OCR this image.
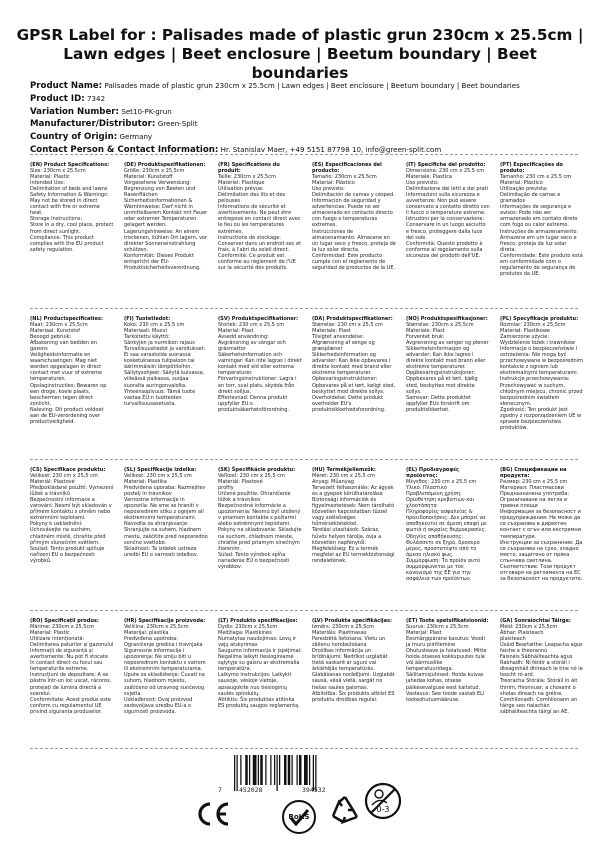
GPSR Label for : Palisades made of plastic grun 230cm x 25.5cm | Lawn edges | Beet enclosure | Beetum boundary | Beet boundaries
Product Name: Palisades made of plastic grun 230cm x 25.5cm | Lawn edges | Beet enclosure | Beetum boundary | Beet boundaries
Product ID: 7342
Variation Number: Set10-PK-grun
Manufacturer/Distributor: Green-Split
Country of Origin: Germany
Contact Person & Contact Information: Hr. Stanislav Maer, +49 5151 87798 10, info@green-split.com
(EN) Product Specifications:
Size: 230cm x 25.5cm
Material: Plastic
Intended Use:
Delimitation of beds and lawns
Safety Information & Warnings: May not be stored in direct contact with fire or extreme heat.
Storage Instructions:
Store in a dry, cool place, protect from direct sunlight.
Compliance: This product complies with the EU product safety regulation.
(DE) Produktspezifikationen:
Größe: 230cm x 25,5cm
Material: Kunststoff
Vorgesehene Verwendung: Begrenzung von Beeten und Rasenflächen
Sicherheitsinformationen & Warnhinweise: Darf nicht in unmittelbarem Kontakt mit Feuer oder extremer Temperaturen gelagert werden.
Lagerungshinweise: An einem trockenen, kühlen Ort lagern, vor direkter Sonneneinstrahlung schützen.
Konformität: Dieses Produkt entspricht der EU-Produktsicherheitsverordnung.
(FR) Spécifications du produit:
Taille: 230cm x 25,5cm
Matériel: Plastique
Utilisation prévue:
Délimitation des lits et des pelouses
Informations de sécurité et avertissements: Ne peut être entreposé en contact direct avec le feu ou les températures extrêmes.
Instructions de stockage: Conserver dans un endroit sec et frais, à l'abri du soleil direct.
Conformité: Ce produit est conforme au règlement de l'UE sur la sécurité des produits.
(ES) Especificaciones del producto:
Tamaño: 230cm x 25,5cm
Material: Plástico
Uso previsto:
Delimitación de camas y césped.
Información de seguridad y advertencias: Puede no ser almacenado en contacto directo con fuego o temperaturas extremas.
Instrucciones de almacenamiento: Almacene en un lugar seco y fresco, proteja de la luz solar directa.
Conformidad: Este producto cumple con el reglamento de seguridad de productos de la UE.
(IT) Specifiche del prodotto:
Dimensione: 230 cm x 25,5 cm
Materiale: Plastica
Uso previsto:
Delimitazione dei letti e dei prati
Informazioni sulla sicurezza e avvertenze: Non può essere conservato a contatto diretto con il fuoco o temperature estreme.
Istruzioni per la conservazione: Conservare in un luogo asciutto e fresco, proteggere dalla luce del sole.
Conformità: Questo prodotto è conforme al regolamento sulla sicurezza dei prodotti dell'UE.
(PT) Especificações do produto:
Tamanho: 230 cm x 25,5 cm
Material: Plástico
Utilização prevista:
Delimitação de camas e gramados
Informações de segurança e avisos: Pode não ser armazenado em contato direto com fogo ou calor extremo.
Instruções de armazenamento: Armazene em um lugar seco e fresco, proteja da luz solar direta.
Conformidade: Este produto está em conformidade com o regulamento de segurança de produtos da UE.
(NL) Productspecificaties:
Maat: 230cm x 25,5cm
Materiaal: Kunststof
Beoogd gebruik:
Afbakening van bedden en gazons
Veiligheidsinformatie en waarschuwingen: Mag niet worden opgeslagen in direct contact met vuur of extreme temperaturen.
Opslaginstructies: Bewaren op een droge, koele plaats, beschermen tegen direct zonlicht.
Naleving: Dit product voldoet aan de EU-verordening over productveiligheid.
(FI) Tuotetiedot:
Koko: 230 cm x 25,5 cm
Materiaali: Muovi
Tarkoitettu käyttö:
Sänkyjen ja nurmikon rajaus
Turvallisuustiedot ja varoitukset: Ei saa varastoida suorassa kosketuksessa tulipaloon tai äärimmäisiin lämpötiloihin.
Säilytysohjeet: Säilytä kuivassa, viileässä paikassa, suojaa suoralta auringonvalolta.
Yhteensopivuus: Tämä tuote vastaa EU:n tuotteiden turvallisuusasetusta.
(SV) Produktspecifikationer:
Storlek: 230 cm x 25,5 cm
Material: Plast
Avsedd användning:
Avgränsning av sängar och gräsmattor
Säkerhetsinformation och varningar: Kan inte lagras i direkt kontakt med eld eller extrema temperaturer.
Förvaringsinstruktioner: Lagra i en torr, sval plats, skydda från direkt solljus.
Efterlevnad: Denna produkt uppfyller EU:s produktsäkerhetsförordning.
(DA) Produktspecifikationer:
Størrelse: 230 cm x 25,5 cm
Materiale: Plast
Tilsigtet anvendelse: Afgrænsning af senge og græsplæner
Sikkerhedsinformation og advarsler: Kan ikke opbevares i direkte kontakt med brand eller ekstreme temperaturer.
Opbevaringsinstruktioner: Opbevares på et tørt, køligt sted, beskyttet mod direkte sollys.
Overholdelse: Dette produkt overholder EU's produktsikkerhedsforordning.
(NO) Produktspesifikasjoner:
Størrelse: 230cm x 25,5cm
Materiale: Plast
Forventet bruk:
Avgrensning av senger og plener
Sikkerhetsinformasjon og advarsler: Kan ikke lagres i direkte kontakt med brann eller ekstreme temperaturer.
Oppbevaringsinstruksjoner: Oppbevares på et tørt, kjølig sted, beskyttes mot direkte sollys.
Samsvar: Dette produktet oppfyller EUs forskrift om produktsikkerhet.
(PL) Specyfikacje produktu:
Rozmiar: 230cm x 25,5cm
Materiał: Plastikowe
Zamierzone użycie:
Wydzielenie łóżek i trawników
Informacje o bezpieczeństwie i ostrzeżenia: Nie mogą być przechowywane w bezpośrednim kontakcie z ogniem lub ekstremalnymi temperaturami.
Instrukcje przechowywania: Przechowywać w suchym, chłodnym miejscu, chronić przed bezpośrednim światłem słonecznym.
Zgodność: Ten produkt jest zgodny z rozporządzeniem UE w sprawie bezpieczeństwa produktów.
(CS) Specifikace produktu:
Velikost: 230 cm x 25,5 cm
Materiál: Plastové
Předpokládané použití: Vymezení lůžek a trávníků
Bezpečnostní informace a varování: Nesmí být skladován v přímém kontaktu s ohněm nebo extrémními teplotami.
Pokyny k uskladnění: Uchovávejte na suchém, chladném místě, chraňte před přímým slunečním světlem.
Soulad: Tento produkt splňuje nařízení EU o bezpečnosti výrobků.
(SL) Specifikacije izdelka:
Velikost: 230 cm x 25,5 cm
Material: Plastika
Predvidena uporaba: Razmejitev postelj in travnikov
Varnostne informacije in opozorila: Ne sme se hraniti v neposrednem stiku z ognjem ali ekstremnimi temperaturami.
Navodila za shranjevanje: Shranjujte na suhem, hladnem mestu, zaščitite pred neposredno sončno svetlobo.
Skladnost: Ta izdelek ustreza uredbi EU o varnosti izdelkov.
(SK) Špecifikácie produktu:
Veľkosť: 230 cm x 25,5 cm
Materiál: Plastové
profily
Určené použitie: Ohraničenie lôžok a trávnikov
Bezpečnostné informácie a upozornenia: Nesmú byť uložený v priamom kontakte s požiarmi alebo extrémnymi teplotami.
Pokyny na skladovanie: Skladujte na suchom, chladnom mieste, chráňte pred priamym slnečným žiarením.
Súlad: Tento výrobok spĺňa nariadenie EÚ o bezpečnosti výrobkov.
(HU) Termékjellemzők:
Méret: 230 cm x 25,5 cm
Anyag: Műanyag
Tervezett felhasználás: Az ágyak és a gyepek körülhatárolása
Biztonsági információk és figyelmeztetések: Nem tárolható közvetlen kapcsolatban tűzzel vagy szélsőséges hőmérsékletekkel.
Tárolási utasítások: Száraz, hűvös helyen tárolja, óvja a közvetlen napfénytől.
Megfelelőség: Ez a termék megfelel az EU termékbiztonsági rendeletének.
(EL) Προδιαγραφές προϊόντος:
Μέγεθος: 230 cm x 25,5 cm
Υλικό: Πλαστικό
Προβλεπόμενη χρήση: Οριοθέτηση κρεβατιών και χλοοτάπητα
Πληροφορίες ασφαλείας & προειδοποιήσεις: Δεν μπορεί να αποθηκευτεί σε άμεση επαφή με φωτιά ή ακραίες θερμοκρασίες.
Οδηγίες αποθήκευσης: Φυλάσσετε σε ξηρό, δροσερό μέρος, προστατέψτε από το άμεσο ηλιακό φως.
Συμμόρφωση: Το προϊόν αυτό συμμορφώνεται με τον κανονισμό της ΕΕ για την ασφάλεια των προϊόντων.
(BG) Спецификации на продукта:
Размер: 230 cm x 25,5 cm
Материал: Пластмасови
Предназначена употреба: Ограничаване на легла и тревни площи
Информация за безопасност и предупреждения: Не може да се съхранява в директен контакт с огън или екстремни температури.
Инструкции за съхранение: Да се съхранява на сухо, хладно място, защитено от пряка слънчева светлина.
Съответствие: Този продукт отговаря на регламента на ЕС за безопасност на продуктите.
(RO) Specificații produs:
Mărime: 230cm x 25,5cm
Material: Plastic
Utilizare intenționată: Delimitarea paturilor și gazonului
Informații de siguranță și avertismente: Nu pot fi stocate în contact direct cu focul sau temperaturile extreme.
Instrucțiuni de depozitare: A se păstra într-un loc uscat, răcoros, protejați de lumina directă a soarelui.
Conformitate: Acest produs este conform cu regulamentul UE privind siguranța produselor.
(HR) Specifikacije proizvoda:
Veličina: 230cm x 25,5cm
Materijal: plastika
Predviđena upotreba: Ograničenje gredica i travnjaka
Sigurnosne informacije i upozorenja: Ne smiju biti u neposrednom kontaktu s vatrom ili ekstremnim temperaturama.
Upute za skladištenje: Čuvati na suhom, hladnom mjestu, zaštićeno od izravnog sunčevog svjetla.
Usklađenost: Ovaj proizvod zadovoljava uredbu EU-a o sigurnosti proizvoda.
(LT) Produkto specifikacijos:
Dydis: 230cm x 25,5cm
Medžiaga: Plastikinės
Numatytas naudojimas: Lovų ir vejų atskyrimas
Saugumo informacija ir įspėjimai: Negalima laikyti tiesioginiame sąlytyje su gaisru ar ekstremalia temperatūra.
Laikymo instrukcijos: Laikykit sausoje, vėsioje vietoje, apsaugokite nuo tiesioginių saulės spindulių.
Atitiktis: Šis produktas atitinka ES produktų saugos reglamentą.
(LV) Produkta specifikācijas:
Izmērs: 230cm x 25,5cm
Materiāls: Plastmasas
Paredzētā lietošana: Vietu un zālienu norobežošana
Drošības informācija un brīdinājumi: Nedrīkst uzglabāt tiešā saskarē ar uguni vai ārkārtējās temperatūrās.
Glabāšanas norādījumi: Uzglabāt sausā, vēsā vietā, sargāt no tiešas saules gaismas.
Atbilstība: Šis produkts atbilst ES produktu drošības regulai.
(ET) Toote spetsifikatsioonid:
Suurus: 230cm x 25,5cm
Materjal: Plast
Eesmärgipärane kasutus: Voodi ja muru piiritlemine
Ohutusteave ja hoiatused: Mitte hoida otseses kokkupuutes tule või äärmuslike temperatuuridega.
Säilitamisjuhised: Hoida kuivas jahedas kohas, otsese päikesevalguse eest kaitstud.
Vastavus: See toode vastab ELi tooteohutusmääruse.
(GA) Sonraíochtaí Táirge:
Méid: 230cm x 25,5cm
Ábhar: Plaisteach
plaisteach
Úsáid Beartaithe: Leapacha agus faiche a theorannú
Faisnéis Sábháilteachta agus Rabhadh: Ní féidir a stóráil i dteagmháil dhíreach le tine nó le teocht ró-ard.
Treoracha Stórála: Stóráil in áit thirim, fhionnuar, a chosaint ó sholas díreach na gréine.
Comhlíonadh: Comhlíonann an táirge seo rialachán sábháilteachta táirgí an AE.
7	452028	394532
RoHS
0-3
